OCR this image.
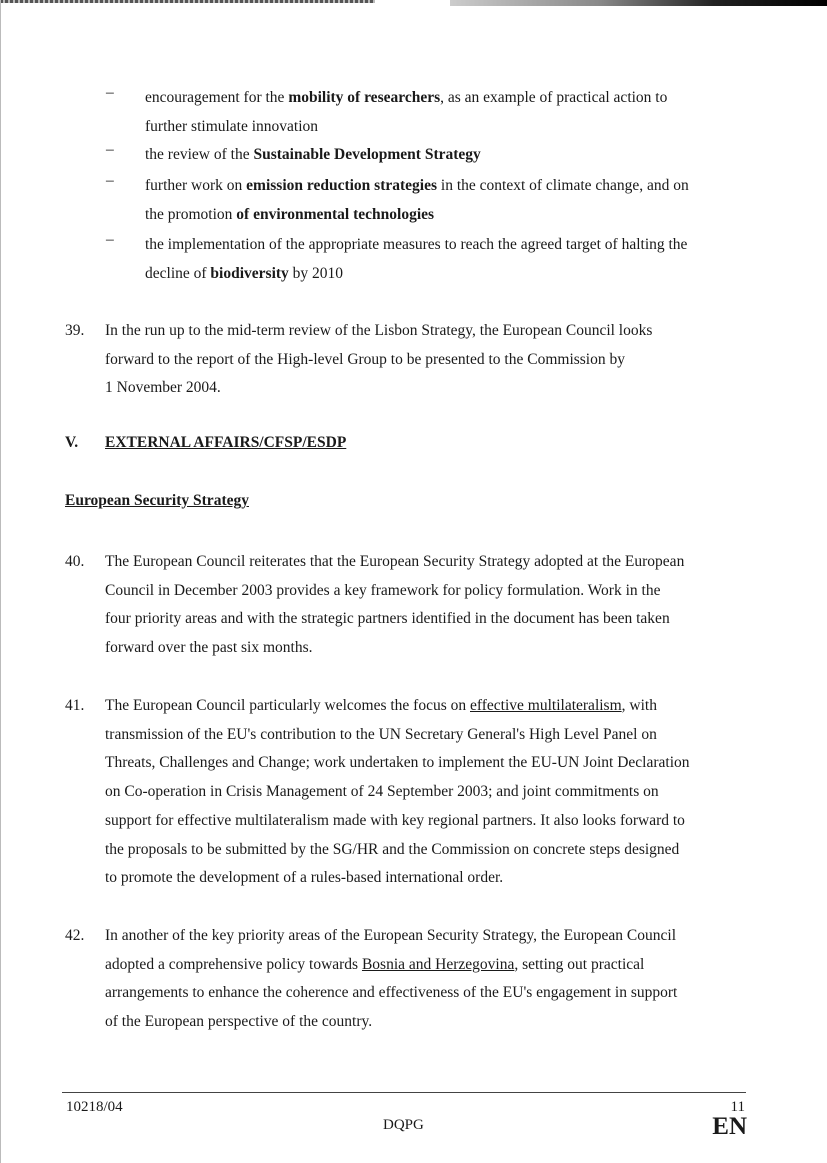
–	encouragement for the mobility of researchers, as an example of practical action to
further stimulate innovation
–	the review of the Sustainable Development Strategy
–	further work on emission reduction strategies in the context of climate change, and on
the promotion of environmental technologies
–	the implementation of the appropriate measures to reach the agreed target of halting the
decline of biodiversity by 2010
39. In the run up to the mid-term review of the Lisbon Strategy, the European Council looks
forward to the report of the High-level Group to be presented to the Commission by
1 November 2004.
V. EXTERNAL AFFAIRS/CFSP/ESDP
European Security Strategy
40. The European Council reiterates that the European Security Strategy adopted at the European
Council in December 2003 provides a key framework for policy formulation. Work in the
four priority areas and with the strategic partners identified in the document has been taken
forward over the past six months.
41. The European Council particularly welcomes the focus on effective multilateralism, with
transmission of the EU's contribution to the UN Secretary General's High Level Panel on
Threats, Challenges and Change; work undertaken to implement the EU-UN Joint Declaration
on Co-operation in Crisis Management of 24 September 2003; and joint commitments on
support for effective multilateralism made with key regional partners. It also looks forward to
the proposals to be submitted by the SG/HR and the Commission on concrete steps designed
to promote the development of a rules-based international order.
42. In another of the key priority areas of the European Security Strategy, the European Council
adopted a comprehensive policy towards Bosnia and Herzegovina, setting out practical
arrangements to enhance the coherence and effectiveness of the EU's engagement in support
of the European perspective of the country.
10218/04
DQPG
11
EN
